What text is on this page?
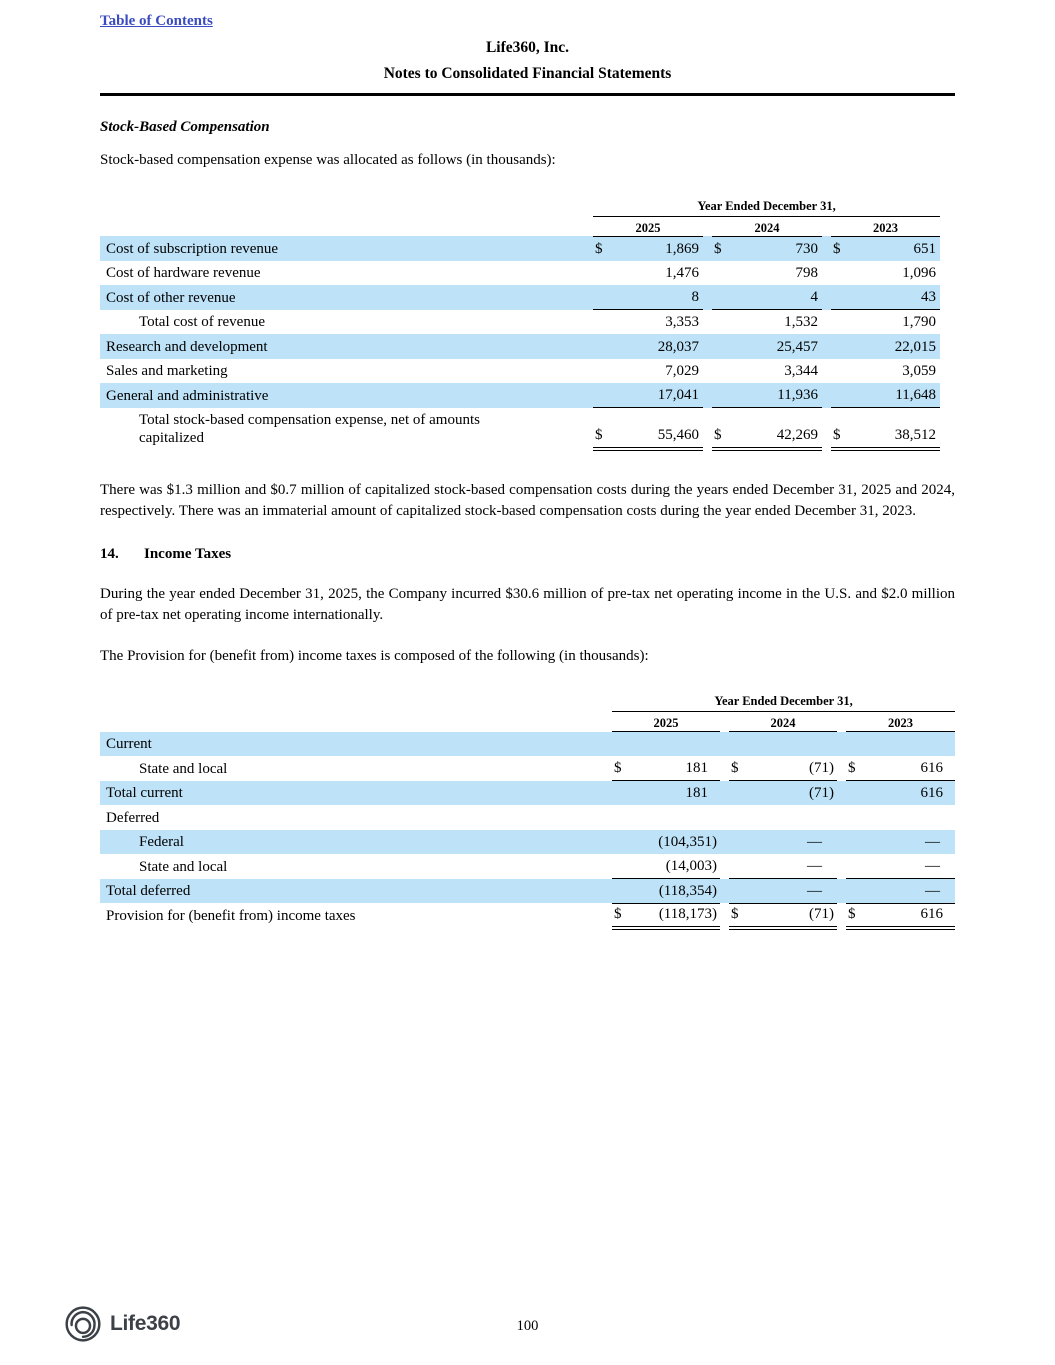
Table of Contents
Life360, Inc.
Notes to Consolidated Financial Statements
Stock-Based Compensation
Stock-based compensation expense was allocated as follows (in thousands):
	Year Ended December 31,							
	2025			2024			2023	
Cost of subscription revenue	$	1,869		$	730		$	651
Cost of hardware revenue		1,476			798			1,096
Cost of other revenue		8			4			43
Total cost of revenue		3,353			1,532			1,790
Research and development		28,037			25,457			22,015
Sales and marketing		7,029			3,344			3,059
General and administrative		17,041			11,936			11,648
Total stock-based compensation expense, net of amounts capitalized	$	55,460		$	42,269		$	38,512
There was $1.3 million and $0.7 million of capitalized stock-based compensation costs during the years ended December 31, 2025 and 2024, respectively. There was an immaterial amount of capitalized stock-based compensation costs during the year ended December 31, 2023.
14. Income Taxes
During the year ended December 31, 2025, the Company incurred $30.6 million of pre-tax net operating income in the U.S. and $2.0 million of pre-tax net operating income internationally.
The Provision for (benefit from) income taxes is composed of the following (in thousands):
	Year Ended December 31,							
	2025			2024			2023	
Current								
State and local	$	181		$	(71)		$	616
Total current		181			(71)			616
Deferred								
Federal		(104,351)			—			—
State and local		(14,003)			—			—
Total deferred		(118,354)			—			—
Provision for (benefit from) income taxes	$	(118,173)		$	(71)		$	616
Life360	100
